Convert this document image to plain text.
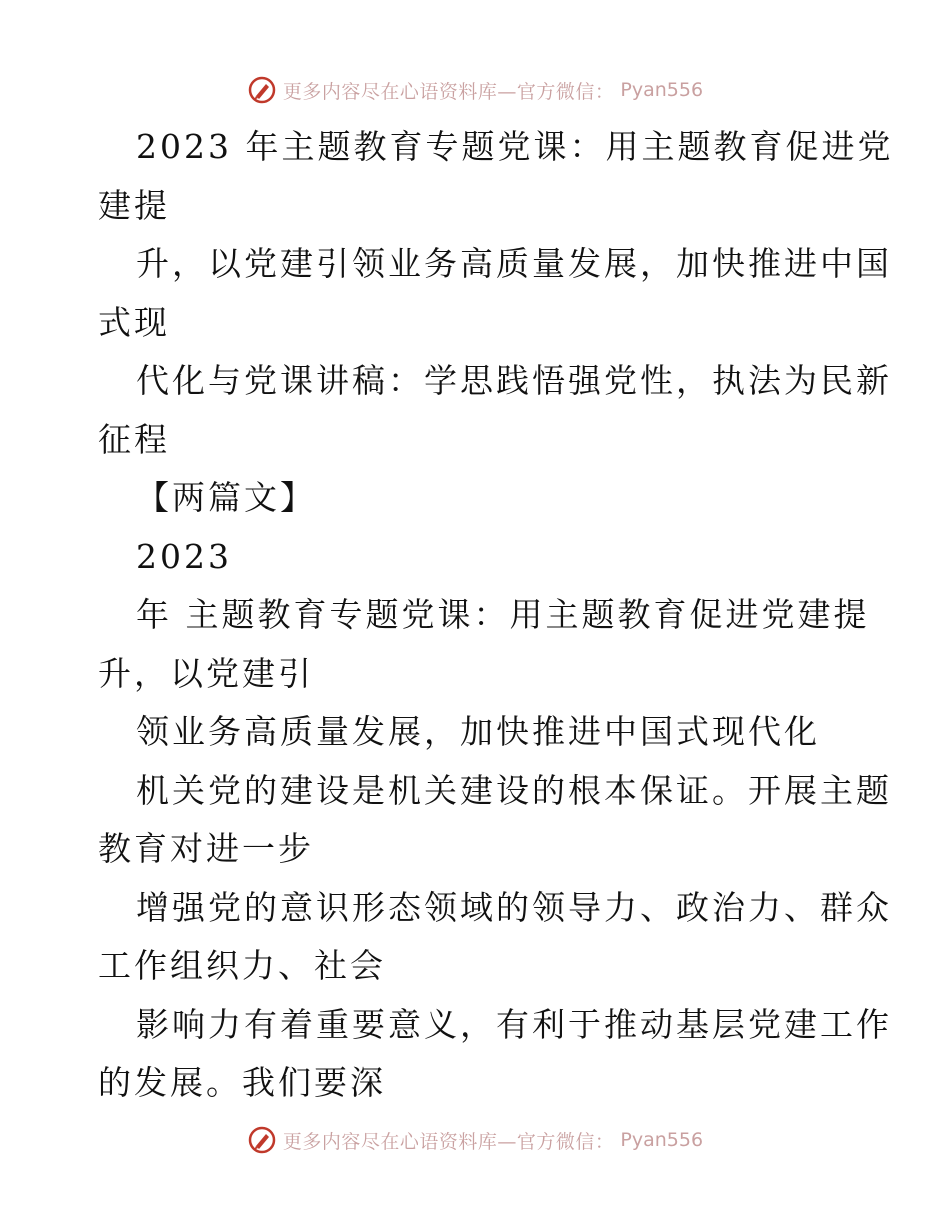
更多内容尽在心语资料库—官方微信： Pyan556
2023 年主题教育专题党课：用主题教育促进党
建提
升，以党建引领业务高质量发展，加快推进中国
式现
代化与党课讲稿：学思践悟强党性，执法为民新
征程
【两篇文】
2023
年 主题教育专题党课：用主题教育促进党建提
升，以党建引
领业务高质量发展，加快推进中国式现代化
机关党的建设是机关建设的根本保证。开展主题
教育对进一步
增强党的意识形态领域的领导力、政治力、群众
工作组织力、社会
影响力有着重要意义，有利于推动基层党建工作
的发展。我们要深
更多内容尽在心语资料库—官方微信： Pyan556
